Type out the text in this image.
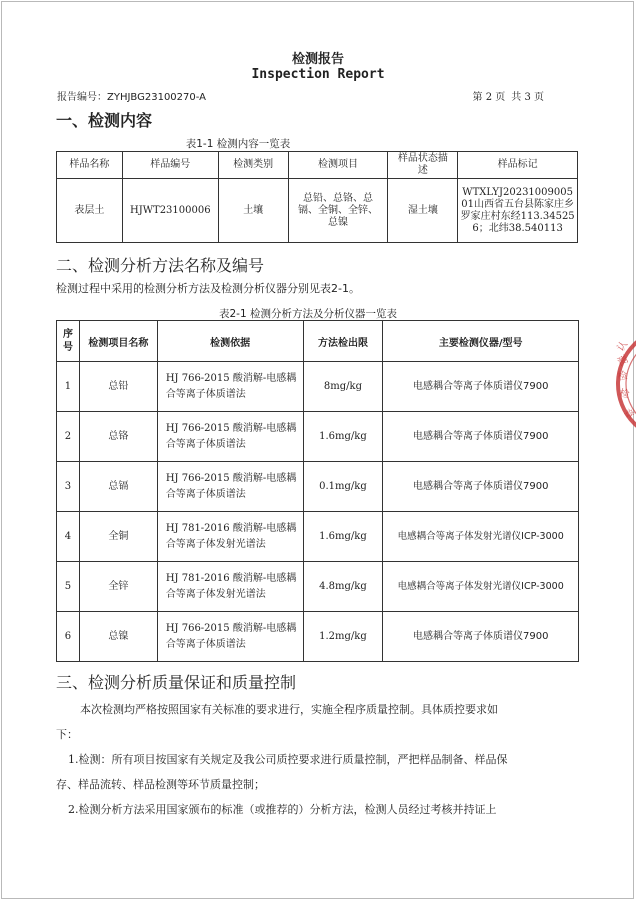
检测报告
Inspection Report
报告编号：ZYHJBG23100270-A	第 2 页 共 3 页
一、检测内容
表1-1 检测内容一览表
样品名称	样品编号	检测类别	检测项目	样品状态描述	样品标记
表层土	HJWT23100006	土壤	总铅、总铬、总镉、全铜、全锌、总镍	湿土壤	WTXLYJ2023100900501山西省五台县陈家庄乡罗家庄村东经113.345256；北纬38.540113
二、检测分析方法名称及编号
检测过程中采用的检测分析方法及检测分析仪器分别见表2-1。
表2-1 检测分析方法及分析仪器一览表
序号	检测项目名称	检测依据	方法检出限	主要检测仪器/型号
1	总铅	HJ 766-2015 酸消解-电感耦合等离子体质谱法	8mg/kg	电感耦合等离子体质谱仪7900
2	总铬	HJ 766-2015 酸消解-电感耦合等离子体质谱法	1.6mg/kg	电感耦合等离子体质谱仪7900
3	总镉	HJ 766-2015 酸消解-电感耦合等离子体质谱法	0.1mg/kg	电感耦合等离子体质谱仪7900
4	全铜	HJ 781-2016 酸消解-电感耦合等离子体发射光谱法	1.6mg/kg	电感耦合等离子体发射光谱仪ICP-3000
5	全锌	HJ 781-2016 酸消解-电感耦合等离子体发射光谱法	4.8mg/kg	电感耦合等离子体发射光谱仪ICP-3000
6	总镍	HJ 766-2015 酸消解-电感耦合等离子体质谱法	1.2mg/kg	电感耦合等离子体质谱仪7900
三、检测分析质量保证和质量控制
本次检测均严格按照国家有关标准的要求进行，实施全程序质量控制。具体质控要求如
下：
1.检测：所有项目按国家有关规定及我公司质控要求进行质量控制，严把样品制备、样品保
存、样品流转、样品检测等环节质量控制；
2.检测分析方法采用国家颁布的标准（或推荐的）分析方法，检测人员经过考核并持证上
认
测
检
检
章
